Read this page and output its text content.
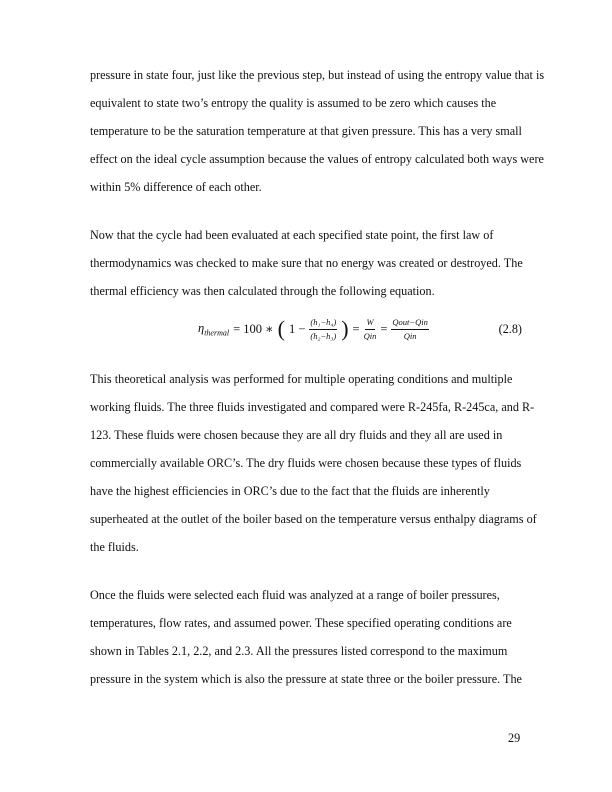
pressure in state four, just like the previous step, but instead of using the entropy value that is
equivalent to state two’s entropy the quality is assumed to be zero which causes the
temperature to be the saturation temperature at that given pressure. This has a very small
effect on the ideal cycle assumption because the values of entropy calculated both ways were
within 5% difference of each other.
Now that the cycle had been evaluated at each specified state point, the first law of
thermodynamics was checked to make sure that no energy was created or destroyed. The
thermal efficiency was then calculated through the following equation.
$\eta_{thermal} = 100$ ∗ ( $1 - \frac{\text{(h₁−h₄)}}{\text{(h₂−h₃)}}$ ) = $\frac{W}{\text{Qin}} = \frac{\text{Qout−Qin}}{\text{Qin}}$	(2.8)
This theoretical analysis was performed for multiple operating conditions and multiple
working fluids. The three fluids investigated and compared were R-245fa, R-245ca, and R-
123. These fluids were chosen because they are all dry fluids and they all are used in
commercially available ORC’s. The dry fluids were chosen because these types of fluids
have the highest efficiencies in ORC’s due to the fact that the fluids are inherently
superheated at the outlet of the boiler based on the temperature versus enthalpy diagrams of
the fluids.
Once the fluids were selected each fluid was analyzed at a range of boiler pressures,
temperatures, flow rates, and assumed power. These specified operating conditions are
shown in Tables 2.1, 2.2, and 2.3. All the pressures listed correspond to the maximum
pressure in the system which is also the pressure at state three or the boiler pressure. The
29
